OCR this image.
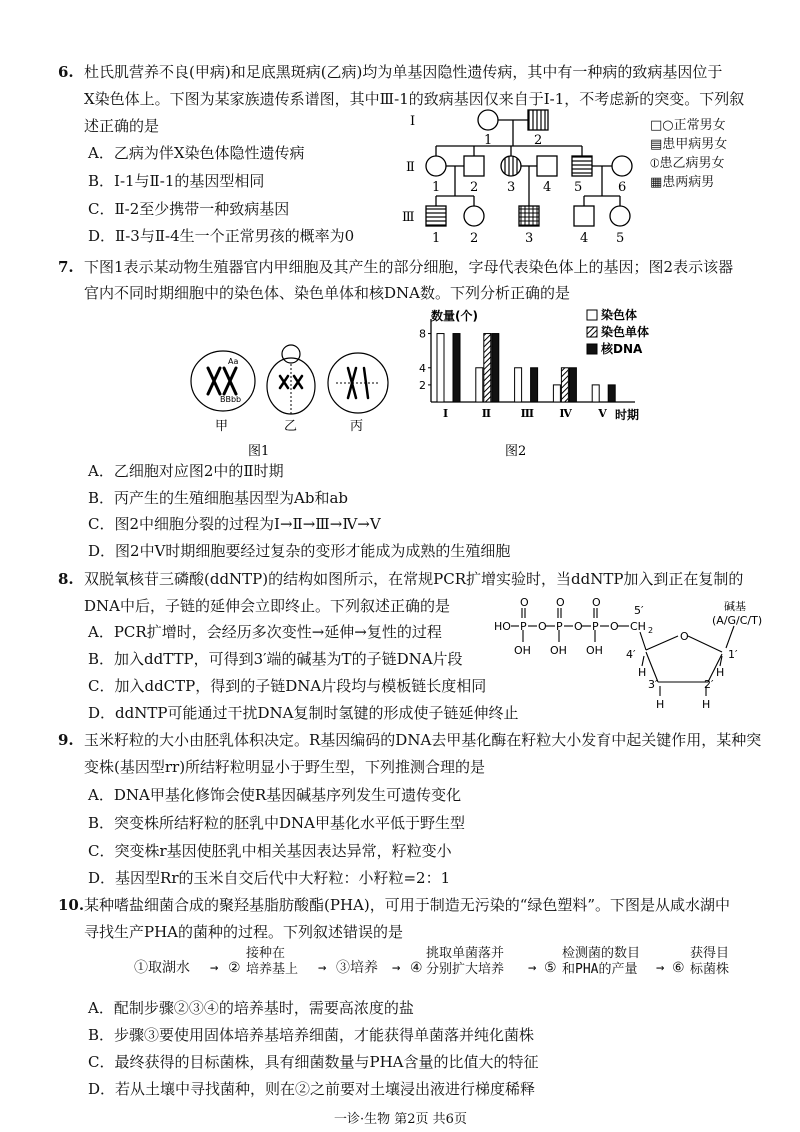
6. 杜氏肌营养不良(甲病)和足底黑斑病(乙病)均为单基因隐性遗传病，其中有一种病的致病基因位于
X染色体上。下图为某家族遗传系谱图，其中Ⅲ-1的致病基因仅来自于Ⅰ-1，不考虑新的突变。下列叙
述正确的是
A．乙病为伴X染色体隐性遗传病
B．Ⅰ-1与Ⅱ-1的基因型相同
C．Ⅱ-2至少携带一种致病基因
D．Ⅱ-3与Ⅱ-4生一个正常男孩的概率为0
Ⅰ
Ⅱ
Ⅲ
1	2
1 2 3 4 5	6
1 2	3	4 5
□○正常男女
▤患甲病男女
⦶患乙病男女
▦患两病男
7. 下图1表示某动物生殖器官内甲细胞及其产生的部分细胞，字母代表染色体上的基因；图2表示该器
官内不同时期细胞中的染色体、染色单体和核DNA数。下列分析正确的是
Aa
BBbb
甲	乙	丙
图1
数量(个)
时期
8
4
2
Ⅰ	Ⅱ	Ⅲ Ⅳ Ⅴ
染色体
染色单体
核DNA
图2
A．乙细胞对应图2中的Ⅱ时期
B．丙产生的生殖细胞基因型为Ab和ab
C．图2中细胞分裂的过程为Ⅰ→Ⅱ→Ⅲ→Ⅳ→Ⅴ
D．图2中Ⅴ时期细胞要经过复杂的变形才能成为成熟的生殖细胞
8. 双脱氧核苷三磷酸(ddNTP)的结构如图所示，在常规PCR扩增实验时，当ddNTP加入到正在复制的
DNA中后，子链的延伸会立即终止。下列叙述正确的是
A．PCR扩增时，会经历多次变性→延伸→复性的过程
B．加入ddTTP，可得到3′端的碱基为T的子链DNA片段
C．加入ddCTP，得到的子链DNA片段均与模板链长度相同
D．ddNTP可能通过干扰DNA复制时氢键的形成使子链延伸终止
碱基
(A/G/C/T)
HO P O P O P O CH 2
O O O
OH OH OH
5′
O
4′	1′
H	H
3′	2′
H	H
9. 玉米籽粒的大小由胚乳体积决定。R基因编码的DNA去甲基化酶在籽粒大小发育中起关键作用，某种突
变株(基因型rr)所结籽粒明显小于野生型，下列推测合理的是
A．DNA甲基化修饰会使R基因碱基序列发生可遗传变化
B．突变株所结籽粒的胚乳中DNA甲基化水平低于野生型
C．突变株r基因使胚乳中相关基因表达异常，籽粒变小
D．基因型Rr的玉米自交后代中大籽粒：小籽粒=2：1
10. 某种嗜盐细菌合成的聚羟基脂肪酸酯(PHA)，可用于制造无污染的“绿色塑料”。下图是从咸水湖中
寻找生产PHA的菌种的过程。下列叙述错误的是
①取湖水 → ②
接种在
培养基上 → ③培养 → ④
挑取单菌落并
分别扩大培养 → ⑤
检测菌的数目
和PHA的产量 → ⑥
获得目
标菌株
A．配制步骤②③④的培养基时，需要高浓度的盐
B．步骤③要使用固体培养基培养细菌，才能获得单菌落并纯化菌株
C．最终获得的目标菌株，具有细菌数量与PHA含量的比值大的特征
D．若从土壤中寻找菌种，则在②之前要对土壤浸出液进行梯度稀释
一诊·生物 第2页 共6页
